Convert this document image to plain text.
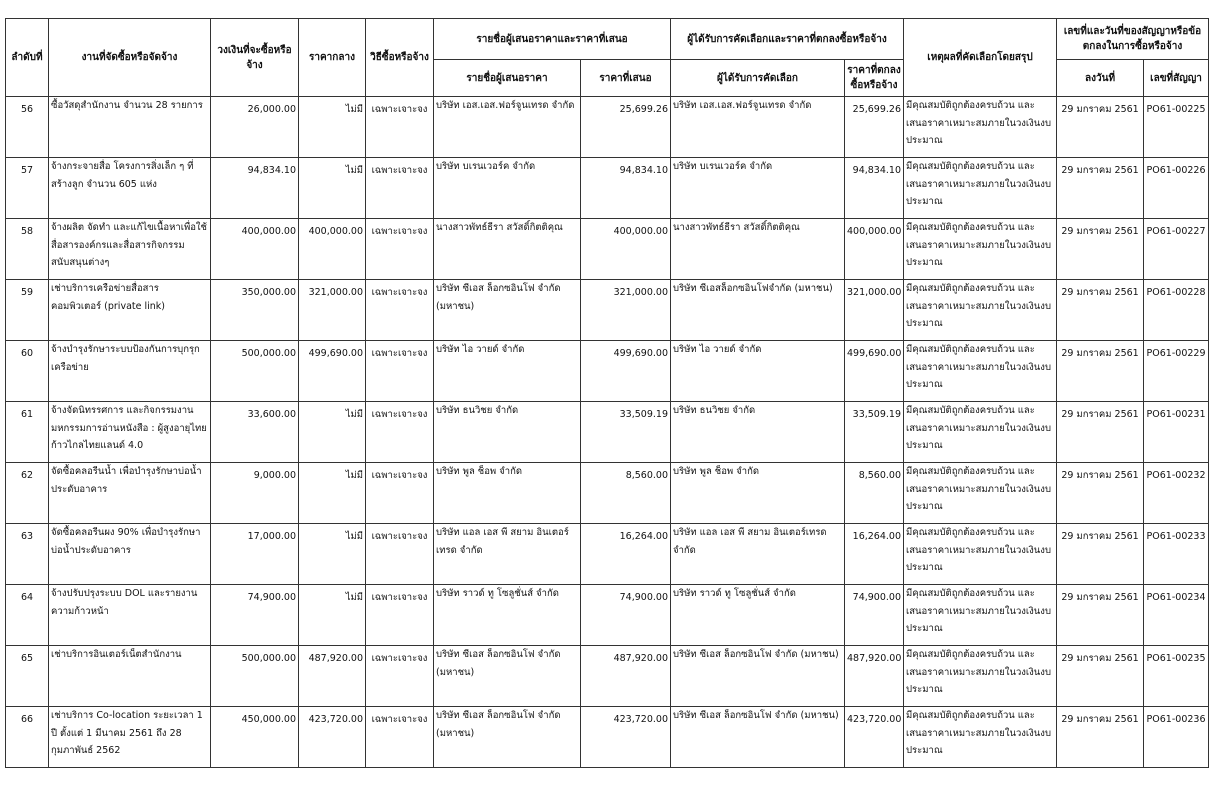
ลำดับที่	งานที่จัดซื้อหรือจัดจ้าง	วงเงินที่จะซื้อหรือจ้าง	ราคากลาง	วิธีซื้อหรือจ้าง	รายชื่อผู้เสนอราคาและราคาที่เสนอ		ผู้ได้รับการคัดเลือกและราคาที่ตกลงซื้อหรือจ้าง		เหตุผลที่คัดเลือกโดยสรุป	เลขที่และวันที่ของสัญญาหรือข้อตกลงในการซื้อหรือจ้าง	
					รายชื่อผู้เสนอราคา	ราคาที่เสนอ	ผู้ได้รับการคัดเลือก	ราคาที่ตกลงซื้อหรือจ้าง		ลงวันที่	เลขที่สัญญา
56	ซื้อวัสดุสำนักงาน จำนวน 28 รายการ	26,000.00	ไม่มี	เฉพาะเจาะจง	บริษัท เอส.เอส.ฟอร์จูนเทรด จำกัด	25,699.26	บริษัท เอส.เอส.ฟอร์จูนเทรด จำกัด	25,699.26	มีคุณสมบัติถูกต้องครบถ้วน และเสนอราคาเหมาะสมภายในวงเงินงบประมาณ	29 มกราคม 2561	PO61-00225
57	จ้างกระจายสื่อ โครงการสิ่งเล็ก ๆ ที่สร้างลูก จำนวน 605 แห่ง	94,834.10	ไม่มี	เฉพาะเจาะจง	บริษัท บเรนเวอร์ค จำกัด	94,834.10	บริษัท บเรนเวอร์ค จำกัด	94,834.10	มีคุณสมบัติถูกต้องครบถ้วน และเสนอราคาเหมาะสมภายในวงเงินงบประมาณ	29 มกราคม 2561	PO61-00226
58	จ้างผลิต จัดทำ และแก้ไขเนื้อหาเพื่อใช้สื่อสารองค์กรและสื่อสารกิจกรรมสนับสนุนต่างๆ	400,000.00	400,000.00	เฉพาะเจาะจง	นางสาวพัทธ์ธีรา สวัสดิ์กิตติคุณ	400,000.00	นางสาวพัทธ์ธีรา สวัสดิ์กิตติคุณ	400,000.00	มีคุณสมบัติถูกต้องครบถ้วน และเสนอราคาเหมาะสมภายในวงเงินงบประมาณ	29 มกราคม 2561	PO61-00227
59	เช่าบริการเครือข่ายสื่อสารคอมพิวเตอร์ (private link)	350,000.00	321,000.00	เฉพาะเจาะจง	บริษัท ซีเอส ล็อกซอินโฟ จำกัด (มหาชน)	321,000.00	บริษัท ซีเอสล็อกซอินโฟจำกัด (มหาชน)	321,000.00	มีคุณสมบัติถูกต้องครบถ้วน และเสนอราคาเหมาะสมภายในวงเงินงบประมาณ	29 มกราคม 2561	PO61-00228
60	จ้างบำรุงรักษาระบบป้องกันการบุกรุกเครือข่าย	500,000.00	499,690.00	เฉพาะเจาะจง	บริษัท ไอ วายด์ จำกัด	499,690.00	บริษัท ไอ วายด์ จำกัด	499,690.00	มีคุณสมบัติถูกต้องครบถ้วน และเสนอราคาเหมาะสมภายในวงเงินงบประมาณ	29 มกราคม 2561	PO61-00229
61	จ้างจัดนิทรรศการ และกิจกรรมงานมหกรรมการอ่านหนังสือ : ผู้สูงอายุไทยก้าวไกลไทยแลนด์ 4.0	33,600.00	ไม่มี	เฉพาะเจาะจง	บริษัท ธนวิชย จำกัด	33,509.19	บริษัท ธนวิชย จำกัด	33,509.19	มีคุณสมบัติถูกต้องครบถ้วน และเสนอราคาเหมาะสมภายในวงเงินงบประมาณ	29 มกราคม 2561	PO61-00231
62	จัดซื้อคลอรีนน้ำ เพื่อบำรุงรักษาบ่อน้ำประดับอาคาร	9,000.00	ไม่มี	เฉพาะเจาะจง	บริษัท พูล ช็อพ จำกัด	8,560.00	บริษัท พูล ช็อพ จำกัด	8,560.00	มีคุณสมบัติถูกต้องครบถ้วน และเสนอราคาเหมาะสมภายในวงเงินงบประมาณ	29 มกราคม 2561	PO61-00232
63	จัดซื้อคลอรีนผง 90% เพื่อบำรุงรักษาบ่อน้ำประดับอาคาร	17,000.00	ไม่มี	เฉพาะเจาะจง	บริษัท แอล เอส พี สยาม อินเตอร์เทรด จำกัด	16,264.00	บริษัท แอล เอส พี สยาม อินเตอร์เทรด จำกัด	16,264.00	มีคุณสมบัติถูกต้องครบถ้วน และเสนอราคาเหมาะสมภายในวงเงินงบประมาณ	29 มกราคม 2561	PO61-00233
64	จ้างปรับปรุงระบบ DOL และรายงานความก้าวหน้า	74,900.00	ไม่มี	เฉพาะเจาะจง	บริษัท ราวด์ ทู โซลูชั่นส์ จำกัด	74,900.00	บริษัท ราวด์ ทู โซลูชั่นส์ จำกัด	74,900.00	มีคุณสมบัติถูกต้องครบถ้วน และเสนอราคาเหมาะสมภายในวงเงินงบประมาณ	29 มกราคม 2561	PO61-00234
65	เช่าบริการอินเตอร์เน็ตสำนักงาน	500,000.00	487,920.00	เฉพาะเจาะจง	บริษัท ซีเอส ล็อกซอินโฟ จำกัด (มหาชน)	487,920.00	บริษัท ซีเอส ล็อกซอินโฟ จำกัด (มหาชน)	487,920.00	มีคุณสมบัติถูกต้องครบถ้วน และเสนอราคาเหมาะสมภายในวงเงินงบประมาณ	29 มกราคม 2561	PO61-00235
66	เช่าบริการ Co-location ระยะเวลา 1 ปี ตั้งแต่ 1 มีนาคม 2561 ถึง 28 กุมภาพันธ์ 2562	450,000.00	423,720.00	เฉพาะเจาะจง	บริษัท ซีเอส ล็อกซอินโฟ จำกัด (มหาชน)	423,720.00	บริษัท ซีเอส ล็อกซอินโฟ จำกัด (มหาชน)	423,720.00	มีคุณสมบัติถูกต้องครบถ้วน และเสนอราคาเหมาะสมภายในวงเงินงบประมาณ	29 มกราคม 2561	PO61-00236
